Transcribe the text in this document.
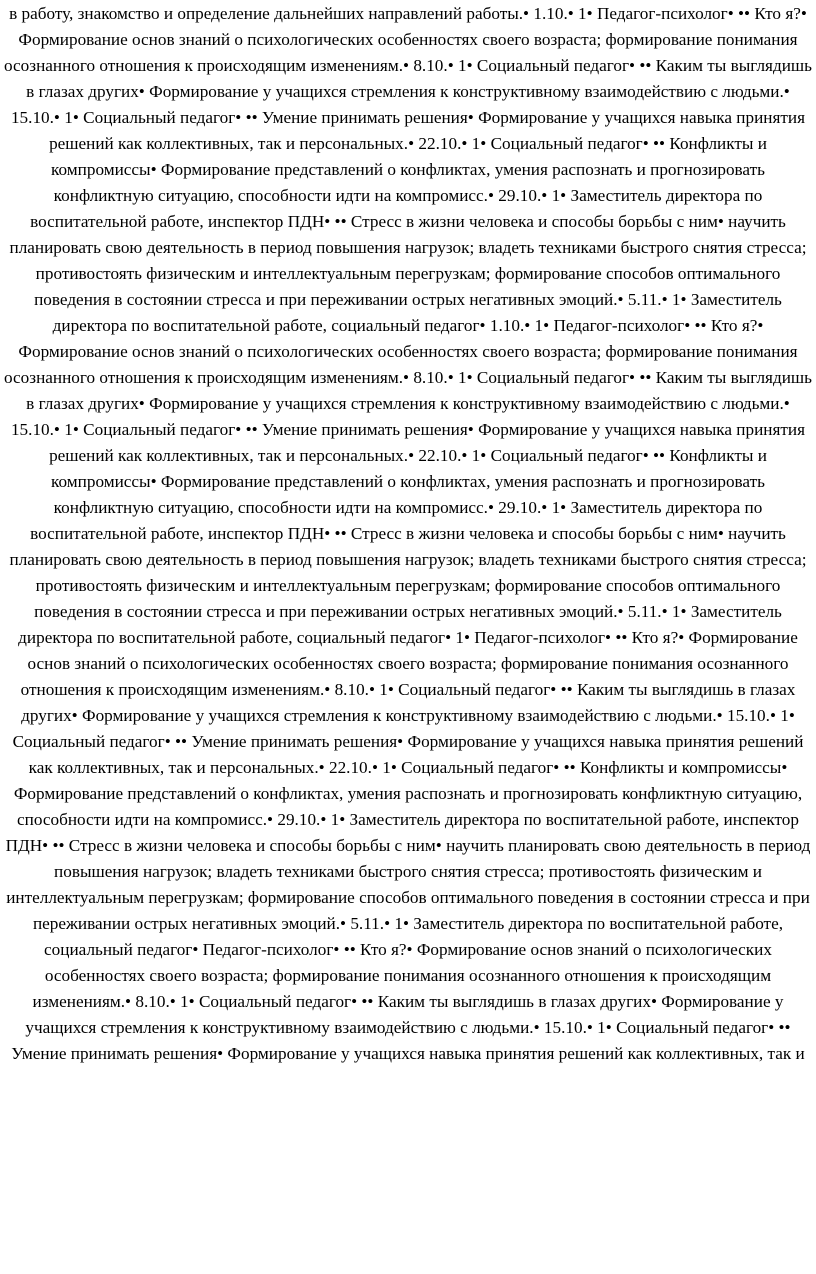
в работу, знакомство и определение дальнейших направлений работы.• 1.10.• 1• Педагог-психолог• •• Кто я?• Формирование основ знаний о психологических особенностях своего возраста; формирование понимания осознанного отношения к происходящим изменениям.• 8.10.• 1• Социальный педагог• •• Каким ты выглядишь в глазах других• Формирование у учащихся стремления к конструктивному взаимодействию с людьми.• 15.10.• 1• Социальный педагог• •• Умение принимать решения• Формирование у учащихся навыка принятия решений как коллективных, так и персональных.• 22.10.• 1• Социальный педагог• •• Конфликты и компромиссы• Формирование представлений о конфликтах, умения распознать и прогнозировать конфликтную ситуацию, способности идти на компромисс.• 29.10.• 1• Заместитель директора по воспитательной работе, инспектор ПДН• •• Стресс в жизни человека и способы борьбы с ним• научить планировать свою деятельность в период повышения нагрузок; владеть техниками быстрого снятия стресса; противостоять физическим и интеллектуальным перегрузкам; формирование способов оптимального поведения в состоянии стресса и при переживании острых негативных эмоций.• 5.11.• 1• Заместитель директора по воспитательной работе, социальный педагог• 1.10.• 1• Педагог-психолог• •• Кто я?• Формирование основ знаний о психологических особенностях своего возраста; формирование понимания осознанного отношения к происходящим изменениям.• 8.10.• 1• Социальный педагог• •• Каким ты выглядишь в глазах других• Формирование у учащихся стремления к конструктивному взаимодействию с людьми.• 15.10.• 1• Социальный педагог• •• Умение принимать решения• Формирование у учащихся навыка принятия решений как коллективных, так и персональных.• 22.10.• 1• Социальный педагог• •• Конфликты и компромиссы• Формирование представлений о конфликтах, умения распознать и прогнозировать конфликтную ситуацию, способности идти на компромисс.• 29.10.• 1• Заместитель директора по воспитательной работе, инспектор ПДН• •• Стресс в жизни человека и способы борьбы с ним• научить планировать свою деятельность в период повышения нагрузок; владеть техниками быстрого снятия стресса; противостоять физическим и интеллектуальным перегрузкам; формирование способов оптимального поведения в состоянии стресса и при переживании острых негативных эмоций.• 5.11.• 1• Заместитель директора по воспитательной работе, социальный педагог• 1• Педагог-психолог• •• Кто я?• Формирование основ знаний о психологических особенностях своего возраста; формирование понимания осознанного отношения к происходящим изменениям.• 8.10.• 1• Социальный педагог• •• Каким ты выглядишь в глазах других• Формирование у учащихся стремления к конструктивному взаимодействию с людьми.• 15.10.• 1• Социальный педагог• •• Умение принимать решения• Формирование у учащихся навыка принятия решений как коллективных, так и персональных.• 22.10.• 1• Социальный педагог• •• Конфликты и компромиссы• Формирование представлений о конфликтах, умения распознать и прогнозировать конфликтную ситуацию, способности идти на компромисс.• 29.10.• 1• Заместитель директора по воспитательной работе, инспектор ПДН• •• Стресс в жизни человека и способы борьбы с ним• научить планировать свою деятельность в период повышения нагрузок; владеть техниками быстрого снятия стресса; противостоять физическим и интеллектуальным перегрузкам; формирование способов оптимального поведения в состоянии стресса и при переживании острых негативных эмоций.• 5.11.• 1• Заместитель директора по воспитательной работе, социальный педагог• Педагог-психолог• •• Кто я?• Формирование основ знаний о психологических особенностях своего возраста; формирование понимания осознанного отношения к происходящим изменениям.• 8.10.• 1• Социальный педагог• •• Каким ты выглядишь в глазах других• Формирование у учащихся стремления к конструктивному взаимодействию с людьми.• 15.10.• 1• Социальный педагог• •• Умение принимать решения• Формирование у учащихся навыка принятия решений как коллективных, так и
